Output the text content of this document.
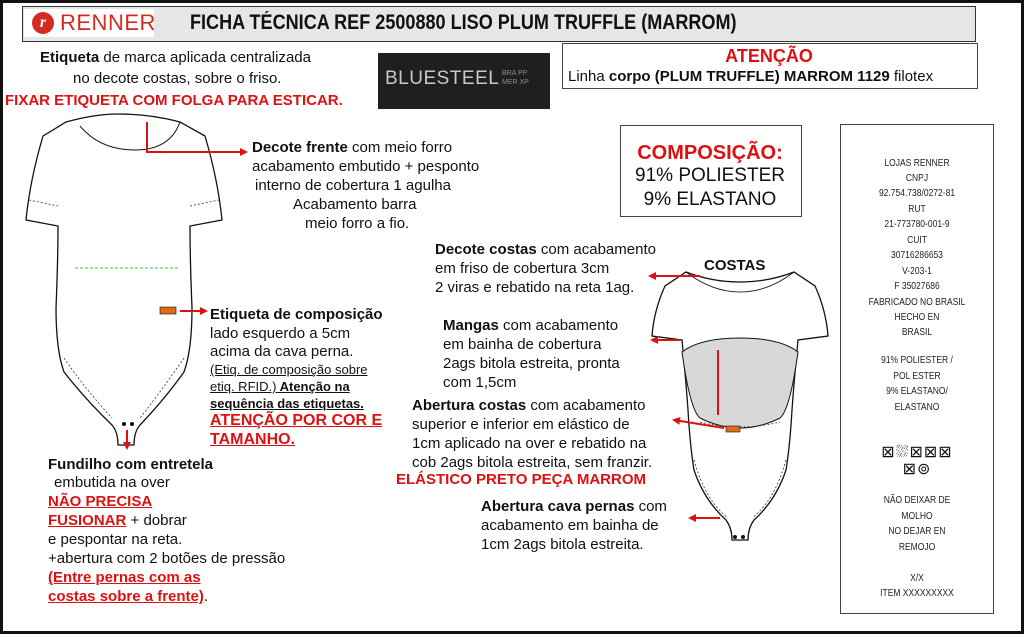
r RENNER FICHA TÉCNICA REF 2500880 LISO PLUM TRUFFLE (MARROM)
Etiqueta de marca aplicada centralizada
no decote costas, sobre o friso.
FIXAR ETIQUETA COM FOLGA PARA ESTICAR.
BLUESTEEL BRA PP
MER XP
ATENÇÃO
Linha corpo (PLUM TRUFFLE) MARROM 1129 filotex
COMPOSIÇÃO:
91% POLIESTER
9% ELASTANO
LOJAS RENNER
CNPJ
92.754.738/0272-81
RUT
21-773780-001-9
CUIT
30716286653
V-203-1
F 35027686
FABRICADO NO BRASIL
HECHO EN
BRASIL
91% POLIESTER /
POL ESTER
9% ELASTANO/
ELASTANO
⊠⛆⊠⊠⊠
⊠⊚
NÃO DEIXAR DE
MOLHO
NO DEJAR EN
REMOJO
X/X
ITEM XXXXXXXXX
Decote frente com meio forro
acabamento embutido + pesponto
interno de cobertura 1 agulha
Acabamento barra
meio forro a fio.
Etiqueta de composição
lado esquerdo a 5cm
acima da cava perna.
(Etiq. de composição sobre
etiq. RFID.) Atenção na
sequência das etiquetas.
ATENÇÃO POR COR E
TAMANHO.
Fundilho com entretela
embutida na over
NÃO PRECISA
FUSIONAR + dobrar
e pespontar na reta.
+abertura com 2 botões de pressão
(Entre pernas com as
costas sobre a frente).
COSTAS
Decote costas com acabamento
em friso de cobertura 3cm
2 viras e rebatido na reta 1ag.
Mangas com acabamento
em bainha de cobertura
2ags bitola estreita, pronta
com 1,5cm
Abertura costas com acabamento
superior e inferior em elástico de
1cm aplicado na over e rebatido na
cob 2ags bitola estreita, sem franzir.
ELÁSTICO PRETO PEÇA MARROM
Abertura cava pernas com
acabamento em bainha de
1cm 2ags bitola estreita.
